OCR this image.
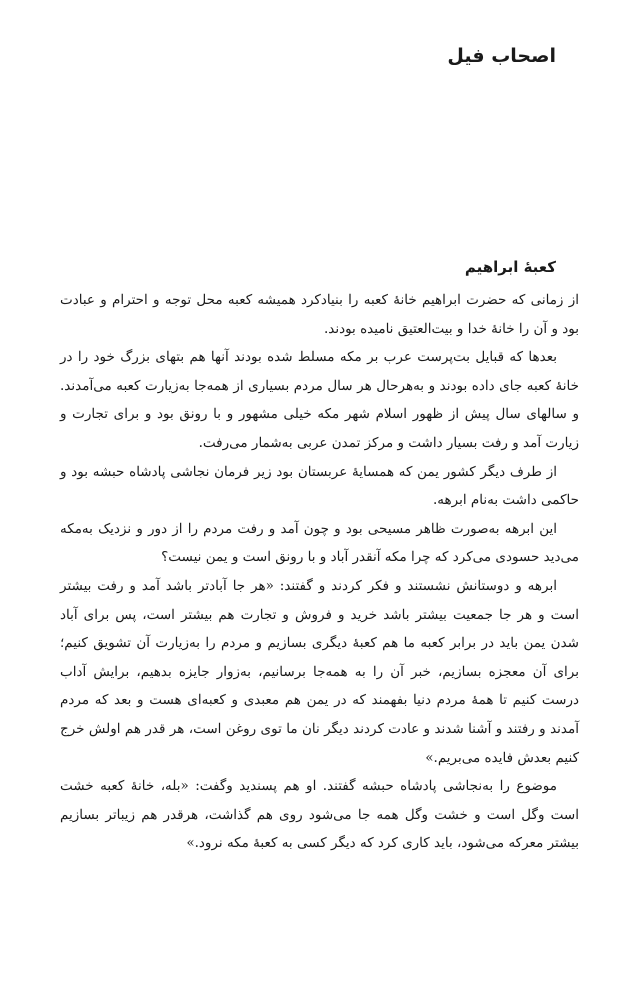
اصحاب فیل
کعبۀ ابراهیم

از زمانی که حضرت ابراهیم خانۀ کعبه را بنیادکرد همیشه کعبه محل توجه و احترام و عبادت بود و آن را خانۀ خدا و بیت‌العتیق نامیده بودند.

بعدها که قبایل بت‌پرست عرب بر مکه مسلط شده بودند آنها هم بتهای بزرگ خود را در خانۀ کعبه جای داده بودند و به‌هرحال هر سال مردم بسیاری از همه‌جا به‌زیارت کعبه می‌آمدند. و سالهای سال پیش از ظهور اسلام شهر مکه خیلی مشهور و با رونق بود و برای تجارت و زیارت آمد و رفت بسیار داشت و مرکز تمدن عربی به‌شمار می‌رفت.

از طرف دیگر کشور یمن که همسایۀ عربستان بود زیر فرمان نجاشی پادشاه حبشه بود و حاکمی داشت به‌نام ابرهه.

این ابرهه به‌صورت ظاهر مسیحی بود و چون آمد و رفت مردم را از دور و نزدیک به‌مکه می‌دید حسودی می‌کرد که چرا مکه آنقدر آباد و با رونق است و یمن نیست؟

ابرهه و دوستانش نشستند و فکر کردند و گفتند: «هر جا آبادتر باشد آمد و رفت بیشتر است و هر جا جمعیت بیشتر باشد خرید و فروش و تجارت هم بیشتر است، پس برای آباد شدن یمن باید در برابر کعبه ما هم کعبۀ دیگری بسازیم و مردم را به‌زیارت آن تشویق کنیم؛ برای آن معجزه بسازیم، خبر آن را به همه‌جا برسانیم، به‌زوار جایزه بدهیم، برایش آداب درست کنیم تا همۀ مردم دنیا بفهمند که در یمن هم معبدی و کعبه‌ای هست و بعد که مردم آمدند و رفتند و آشنا شدند و عادت کردند دیگر نان ما توی روغن است، هر قدر هم اولش خرج کنیم بعدش فایده می‌بریم.»

موضوع را به‌نجاشی پادشاه حبشه گفتند. او هم پسندید وگفت: «بله، خانۀ کعبه خشت است وگل است و خشت وگل همه جا می‌شود روی هم گذاشت، هرقدر هم زیباتر بسازیم بیشتر معرکه می‌شود، باید کاری کرد که دیگر کسی به کعبۀ مکه نرود.»
